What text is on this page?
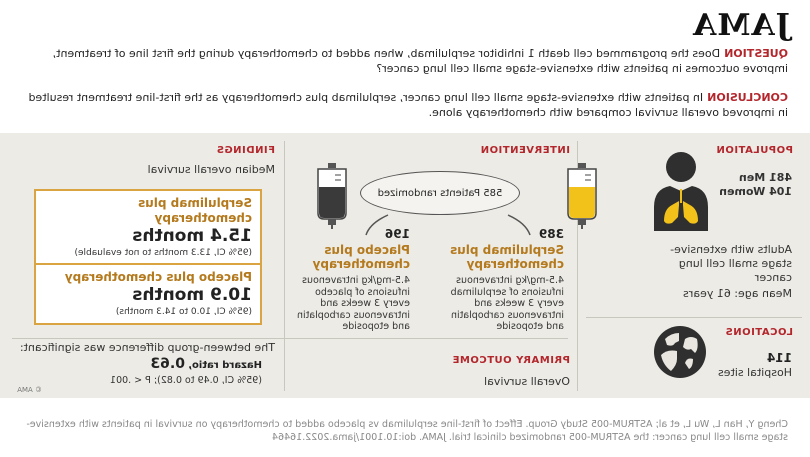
JAMA
QUESTIONDoes the programmed cell death 1 inhibitor serplulimab, when added to chemotherapy during the first line of treatment, improve outcomes in patients with extensive-stage small cell lung cancer?
CONCLUSIONIn patients with extensive-stage small cell lung cancer, serplulimab plus chemotherapy as the first-line treatment resulted in improved overall survival compared with chemotherapy alone.
POPULATION
481 Men
104 Women
Adults with extensive-stage small cell lung cancer
Mean age: 61 years
LOCATIONS
114
Hospital sites
INTERVENTION
585 Patients randomized
389
Serplulimab plus chemotherapy
4.5-mg/kg intravenous infusions of serplulimab every 3 weeks and intravenous carboplatin and etoposide
196
Placebo plus chemotherapy
4.5-mg/kg intravenous infusions of placebo every 3 weeks and intravenous carboplatin and etoposide
PRIMARY OUTCOME
Overall survival
FINDINGS
Median overall survival
Serplulimab plus chemotherapy
15.4 months
(95% CI, 13.3 months to not evaluable)
Placebo plus chemotherapy
10.9 months
(95% CI, 10.0 to 14.3 months)
The between-group difference was significant:
Hazard ratio, 0.63
(95% CI, 0.49 to 0.82); P < .001
© AMA
Cheng Y, Han L, Wu L, et al; ASTRUM-005 Study Group. Effect of first-line serplulimab vs placebo added to chemotherapy on survival in patients with extensive-stage small cell lung cancer: the ASTRUM-005 randomized clinical trial. JAMA. doi:10.1001/jama.2022.16464
